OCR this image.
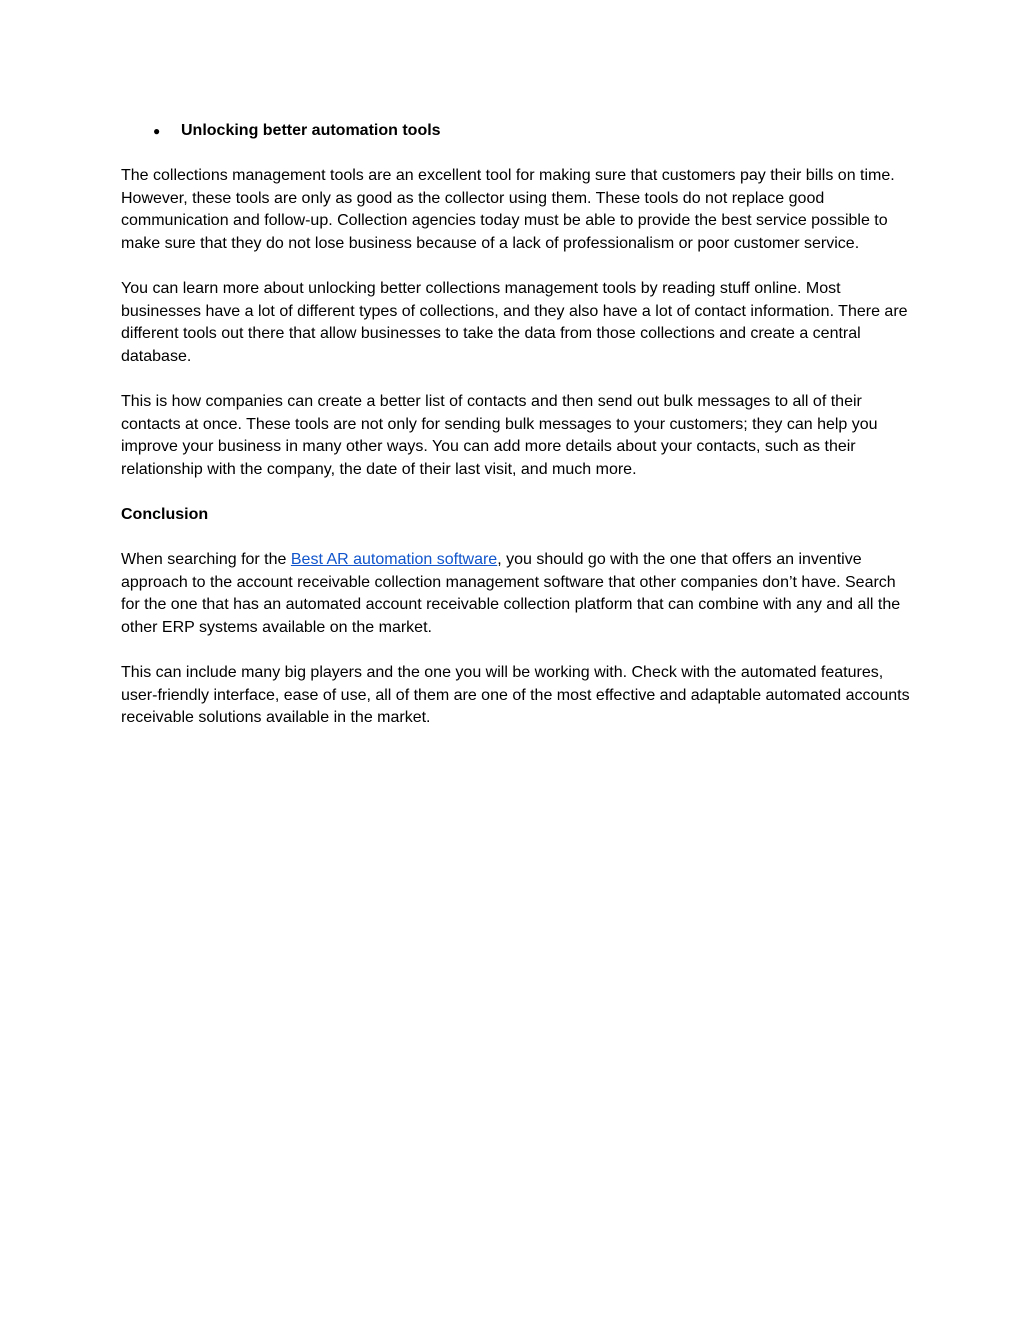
●	Unlocking better automation tools

The collections management tools are an excellent tool for making sure that customers pay their bills on time. However, these tools are only as good as the collector using them. These tools do not replace good communication and follow-up. Collection agencies today must be able to provide the best service possible to make sure that they do not lose business because of a lack of professionalism or poor customer service.

You can learn more about unlocking better collections management tools by reading stuff online. Most businesses have a lot of different types of collections, and they also have a lot of contact information. There are different tools out there that allow businesses to take the data from those collections and create a central database.

This is how companies can create a better list of contacts and then send out bulk messages to all of their contacts at once. These tools are not only for sending bulk messages to your customers; they can help you improve your business in many other ways. You can add more details about your contacts, such as their relationship with the company, the date of their last visit, and much more.

Conclusion

When searching for the Best AR automation software, you should go with the one that offers an inventive approach to the account receivable collection management software that other companies don’t have. Search for the one that has an automated account receivable collection platform that can combine with any and all the other ERP systems available on the market.

This can include many big players and the one you will be working with. Check with the automated features, user-friendly interface, ease of use, all of them are one of the most effective and adaptable automated accounts receivable solutions available in the market.
